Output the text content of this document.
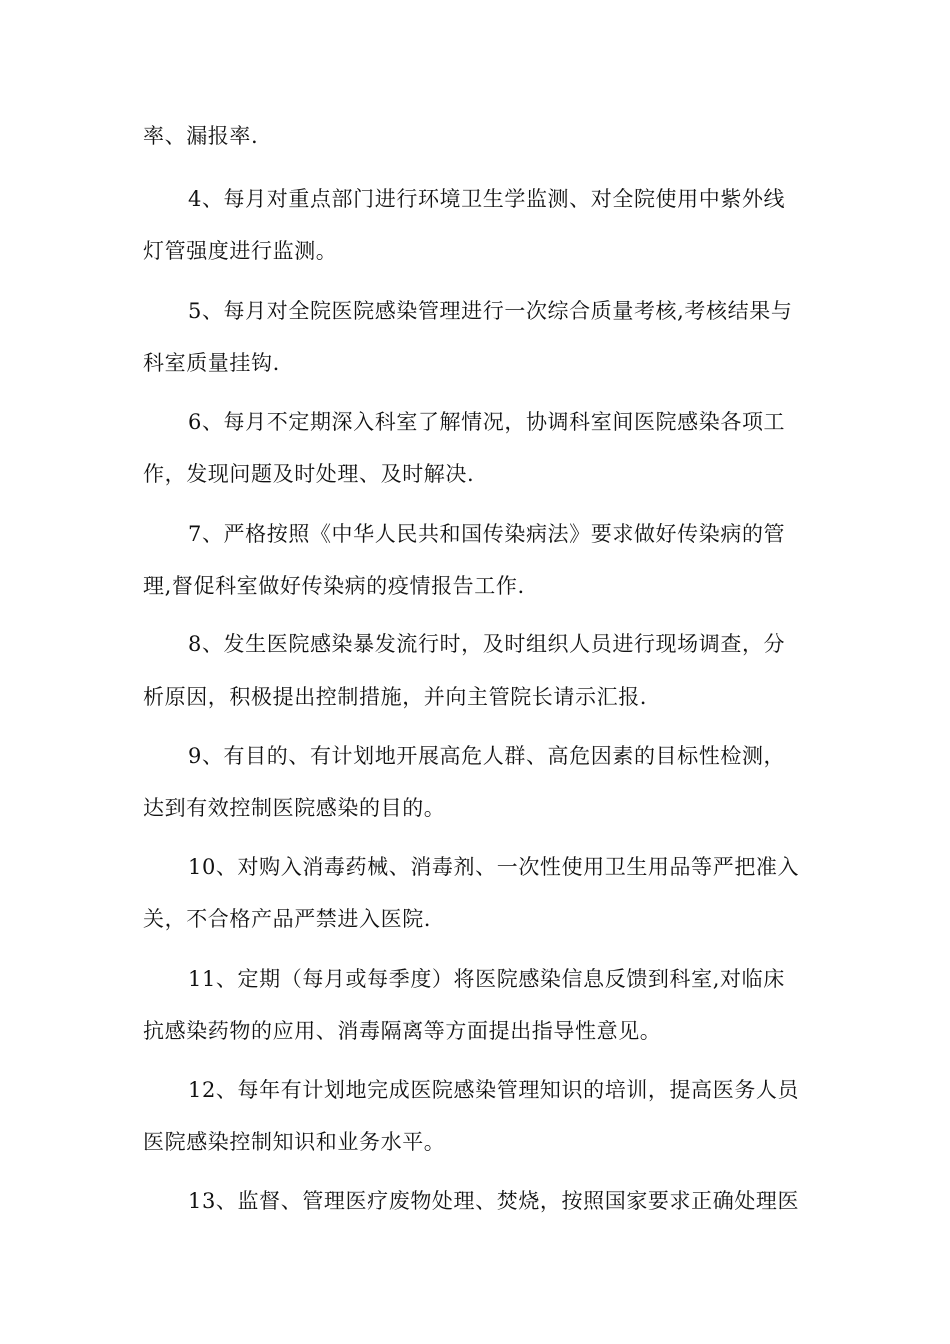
率、漏报率.
4、每月对重点部门进行环境卫生学监测、对全院使用中紫外线
灯管强度进行监测。
5、每月对全院医院感染管理进行一次综合质量考核,考核结果与
科室质量挂钩.
6、每月不定期深入科室了解情况，协调科室间医院感染各项工
作，发现问题及时处理、及时解决.
7、严格按照《中华人民共和国传染病法》要求做好传染病的管
理,督促科室做好传染病的疫情报告工作.
8、发生医院感染暴发流行时，及时组织人员进行现场调查，分
析原因，积极提出控制措施，并向主管院长请示汇报.
9、有目的、有计划地开展高危人群、高危因素的目标性检测，
达到有效控制医院感染的目的。
10、对购入消毒药械、消毒剂、一次性使用卫生用品等严把准入
关，不合格产品严禁进入医院.
11、定期（每月或每季度）将医院感染信息反馈到科室,对临床
抗感染药物的应用、消毒隔离等方面提出指导性意见。
12、每年有计划地完成医院感染管理知识的培训，提高医务人员
医院感染控制知识和业务水平。
13、监督、管理医疗废物处理、焚烧，按照国家要求正确处理医
